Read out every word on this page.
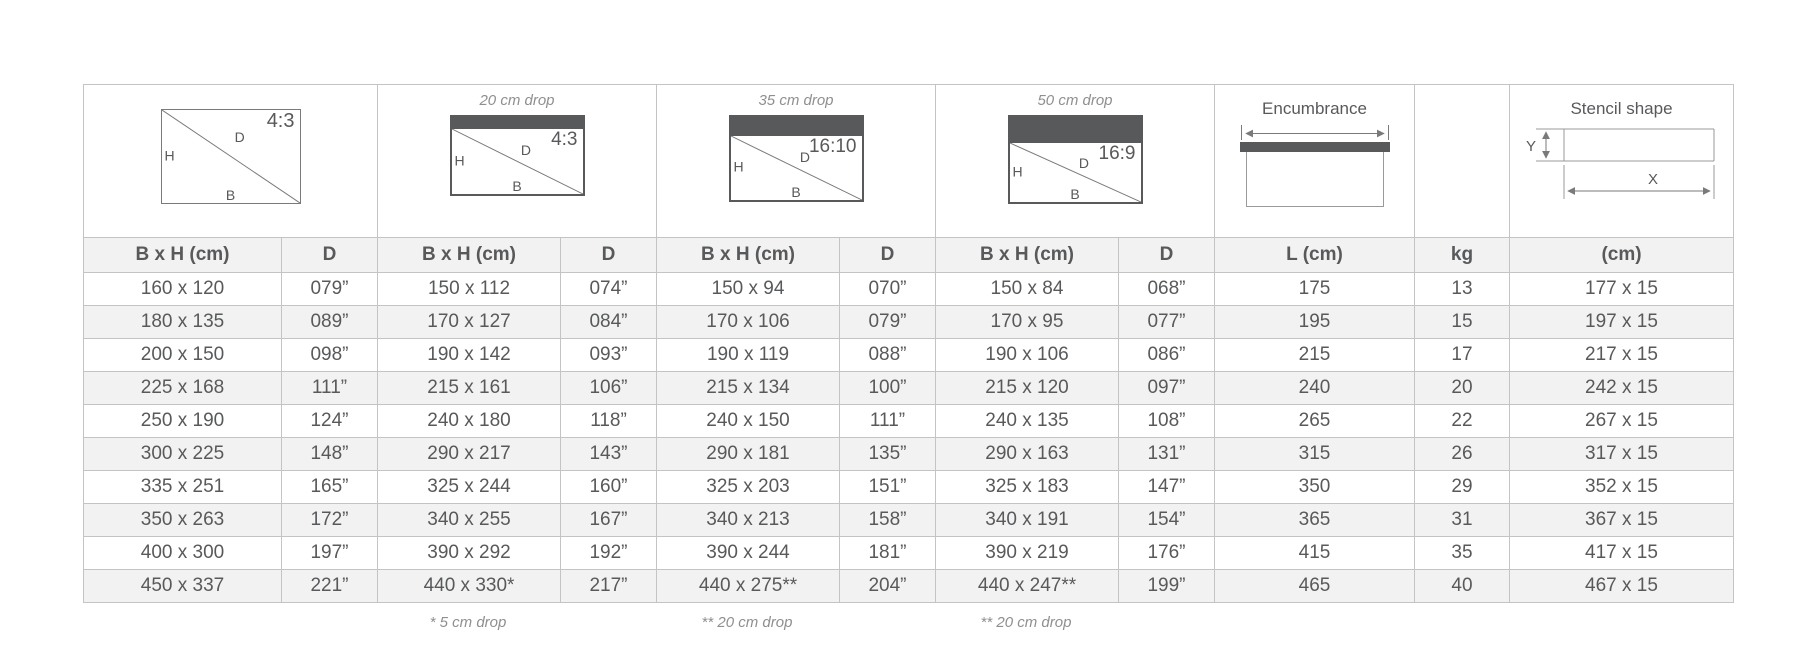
4:3
H
D
B

20 cm drop
4:3
H
D
B

35 cm drop
16:10
H
D
B

50 cm drop
16:9
H
D
B

Encumbrance		Stencil shape
Y
X

B x H (cm)	D	B x H (cm)	D	B x H (cm)	D	B x H (cm)	D	L (cm)	kg	(cm)
160 x 120	079”	150 x 112	074”	150 x 94	070”	150 x 84	068”	175	13	177 x 15
180 x 135	089”	170 x 127	084”	170 x 106	079”	170 x 95	077”	195	15	197 x 15
200 x 150	098”	190 x 142	093”	190 x 119	088”	190 x 106	086”	215	17	217 x 15
225 x 168	111”	215 x 161	106”	215 x 134	100”	215 x 120	097”	240	20	242 x 15
250 x 190	124”	240 x 180	118”	240 x 150	111”	240 x 135	108”	265	22	267 x 15
300 x 225	148”	290 x 217	143”	290 x 181	135”	290 x 163	131”	315	26	317 x 15
335 x 251	165”	325 x 244	160”	325 x 203	151”	325 x 183	147”	350	29	352 x 15
350 x 263	172”	340 x 255	167”	340 x 213	158”	340 x 191	154”	365	31	367 x 15
400 x 300	197”	390 x 292	192”	390 x 244	181”	390 x 219	176”	415	35	417 x 15
450 x 337	221”	440 x 330*	217”	440 x 275**	204”	440 x 247**	199”	465	40	467 x 15
* 5 cm drop	** 20 cm drop	** 20 cm drop
